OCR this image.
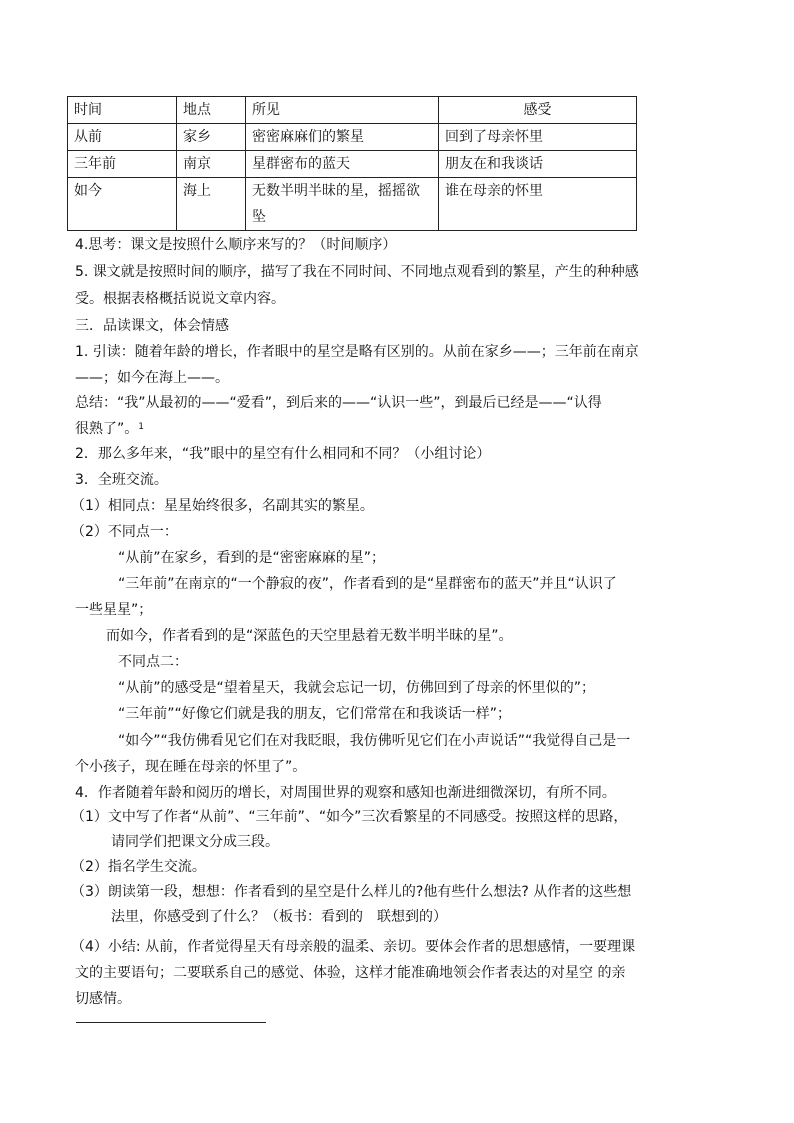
时间	地点	所见	感受
从前	家乡	密密麻麻们的繁星	回到了母亲怀里
三年前	南京	星群密布的蓝天	朋友在和我谈话
如今	海上	无数半明半昧的星，摇摇欲坠	谁在母亲的怀里
4.思考：课文是按照什么顺序来写的？（时间顺序）
5. 课文就是按照时间的顺序，描写了我在不同时间、不同地点观看到的繁星，产生的种种感
受。根据表格概括说说文章内容。
三．品读课文，体会情感
1. 引读：随着年龄的增长，作者眼中的星空是略有区别的。从前在家乡——；三年前在南京
——；如今在海上——。
总结：“我”从最初的——“爱看”，到后来的——“认识一些”，到最后已经是——“认得
很熟了”。$^1$
2．那么多年来，“我”眼中的星空有什么相同和不同？（小组讨论）
3．全班交流。
（1）相同点：星星始终很多，名副其实的繁星。
（2）不同点一：
“从前”在家乡，看到的是“密密麻麻的星”；
“三年前”在南京的“一个静寂的夜”，作者看到的是“星群密布的蓝天”并且“认识了
一些星星”；
而如今，作者看到的是“深蓝色的天空里悬着无数半明半昧的星”。
不同点二：
“从前”的感受是“望着星天，我就会忘记一切，仿佛回到了母亲的怀里似的”；
“三年前”“好像它们就是我的朋友，它们常常在和我谈话一样”；
“如今”“我仿佛看见它们在对我眨眼，我仿佛听见它们在小声说话”“我觉得自己是一
个小孩子，现在睡在母亲的怀里了”。
4．作者随着年龄和阅历的增长，对周围世界的观察和感知也渐进细微深切，有所不同。
（1）文中写了作者“从前”、“三年前”、“如今”三次看繁星的不同感受。按照这样的思路，
请同学们把课文分成三段。
（2）指名学生交流。
（3）朗读第一段，想想：作者看到的星空是什么样儿的?他有些什么想法? 从作者的这些想
法里，你感受到了什么？（板书：看到的　联想到的）
（4）小结: 从前，作者觉得星天有母亲般的温柔、亲切。要体会作者的思想感情，一要理课
文的主要语句；二要联系自己的感觉、体验，这样才能准确地领会作者表达的对星空 的亲
切感情。
